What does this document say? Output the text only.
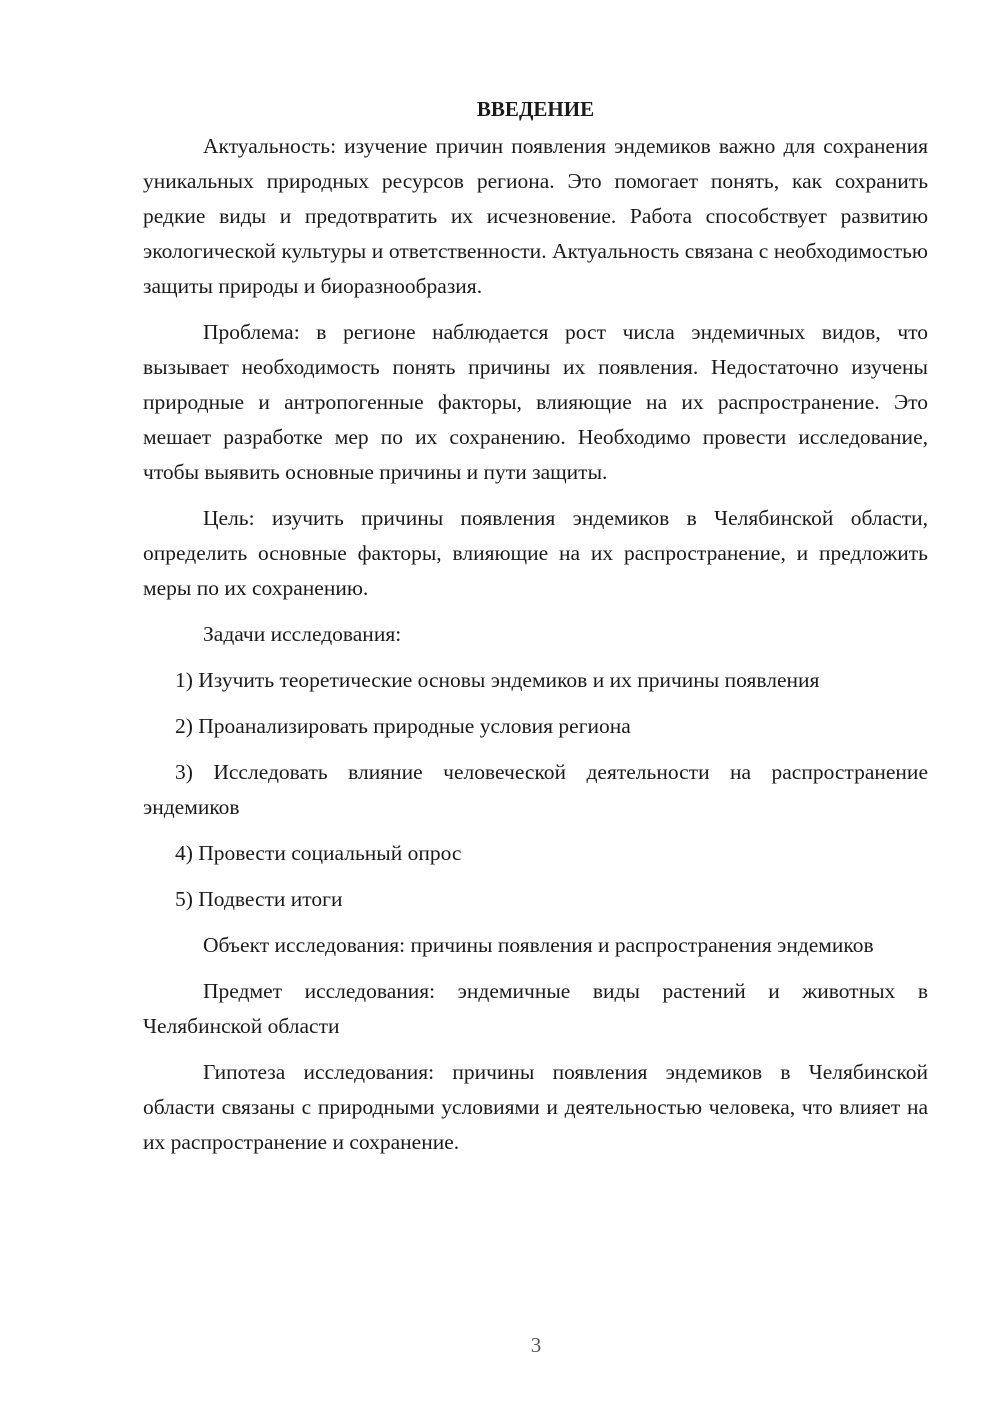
ВВЕДЕНИЕ

Актуальность: изучение причин появления эндемиков важно для сохранения уникальных природных ресурсов региона. Это помогает понять, как сохранить редкие виды и предотвратить их исчезновение. Работа способствует развитию экологической культуры и ответственности. Актуальность связана с необходимостью защиты природы и биоразнообразия.

Проблема: в регионе наблюдается рост числа эндемичных видов, что вызывает необходимость понять причины их появления. Недостаточно изучены природные и антропогенные факторы, влияющие на их распространение. Это мешает разработке мер по их сохранению. Необходимо провести исследование, чтобы выявить основные причины и пути защиты.

Цель: изучить причины появления эндемиков в Челябинской области, определить основные факторы, влияющие на их распространение, и предложить меры по их сохранению.

Задачи исследования:

1) Изучить теоретические основы эндемиков и их причины появления

2) Проанализировать природные условия региона

3) Исследовать влияние человеческой деятельности на распространение эндемиков

4) Провести социальный опрос

5) Подвести итоги

Объект исследования: причины появления и распространения эндемиков

Предмет исследования: эндемичные виды растений и животных в Челябинской области

Гипотеза исследования: причины появления эндемиков в Челябинской области связаны с природными условиями и деятельностью человека, что влияет на их распространение и сохранение.

3
